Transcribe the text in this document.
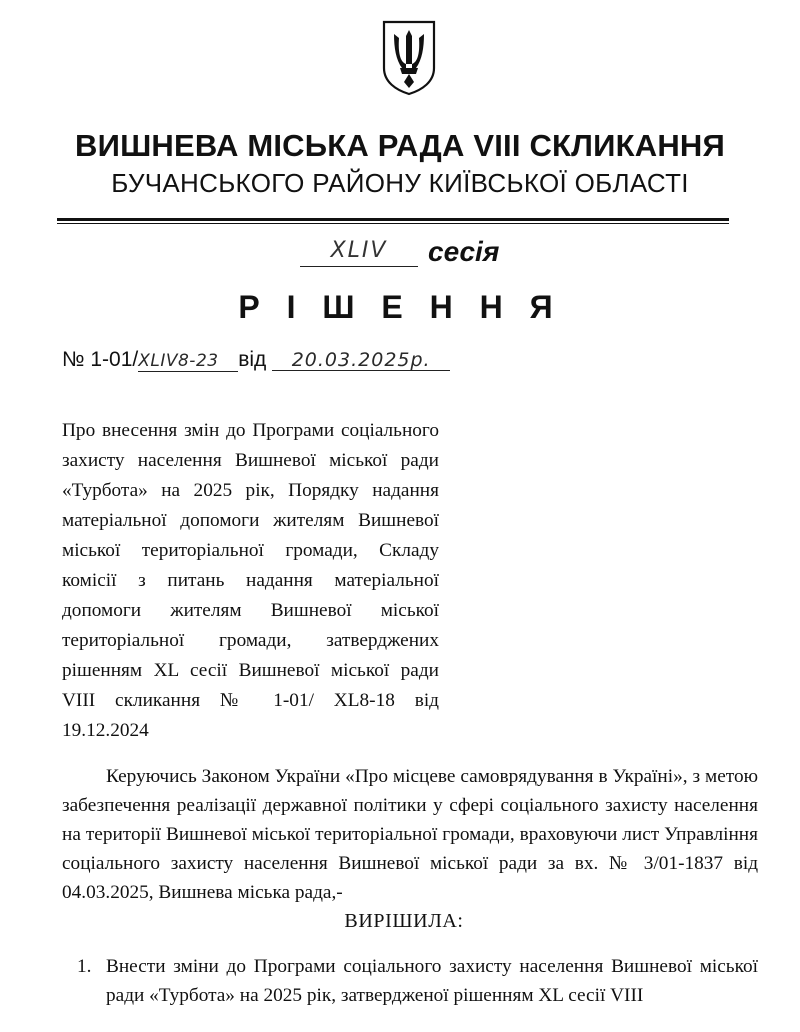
ВИШНЕВА МІСЬКА РАДА VIII СКЛИКАННЯ
БУЧАНСЬКОГО РАЙОНУ КИЇВСЬКОЇ ОБЛАСТІ
XLIV	сесія
Р І Ш Е Н Н Я
№ 1-01/XLIV8-23 від 20.03.2025р.

Про внесення змін до Програми соціального захисту населення Вишневої міської ради «Турбота» на 2025 рік, Порядку надання матеріальної допомоги жителям Вишневої міської територіальної громади, Складу комісії з питань надання матеріальної допомоги жителям Вишневої міської територіальної громади, затверджених рішенням XL сесії Вишневої міської ради VIII скликання № 1-01/ XL8-18 від 19.12.2024

Керуючись Законом України «Про місцеве самоврядування в Україні», з метою забезпечення реалізації державної політики у сфері соціального захисту населення на території Вишневої міської територіальної громади, враховуючи лист Управління соціального захисту населення Вишневої міської ради за вх. № 3/01-1837 від 04.03.2025, Вишнева міська рада,-

ВИРІШИЛА:
1. Внести зміни до Програми соціального захисту населення Вишневої міської ради «Турбота» на 2025 рік, затвердженої рішенням XL сесії VIII
